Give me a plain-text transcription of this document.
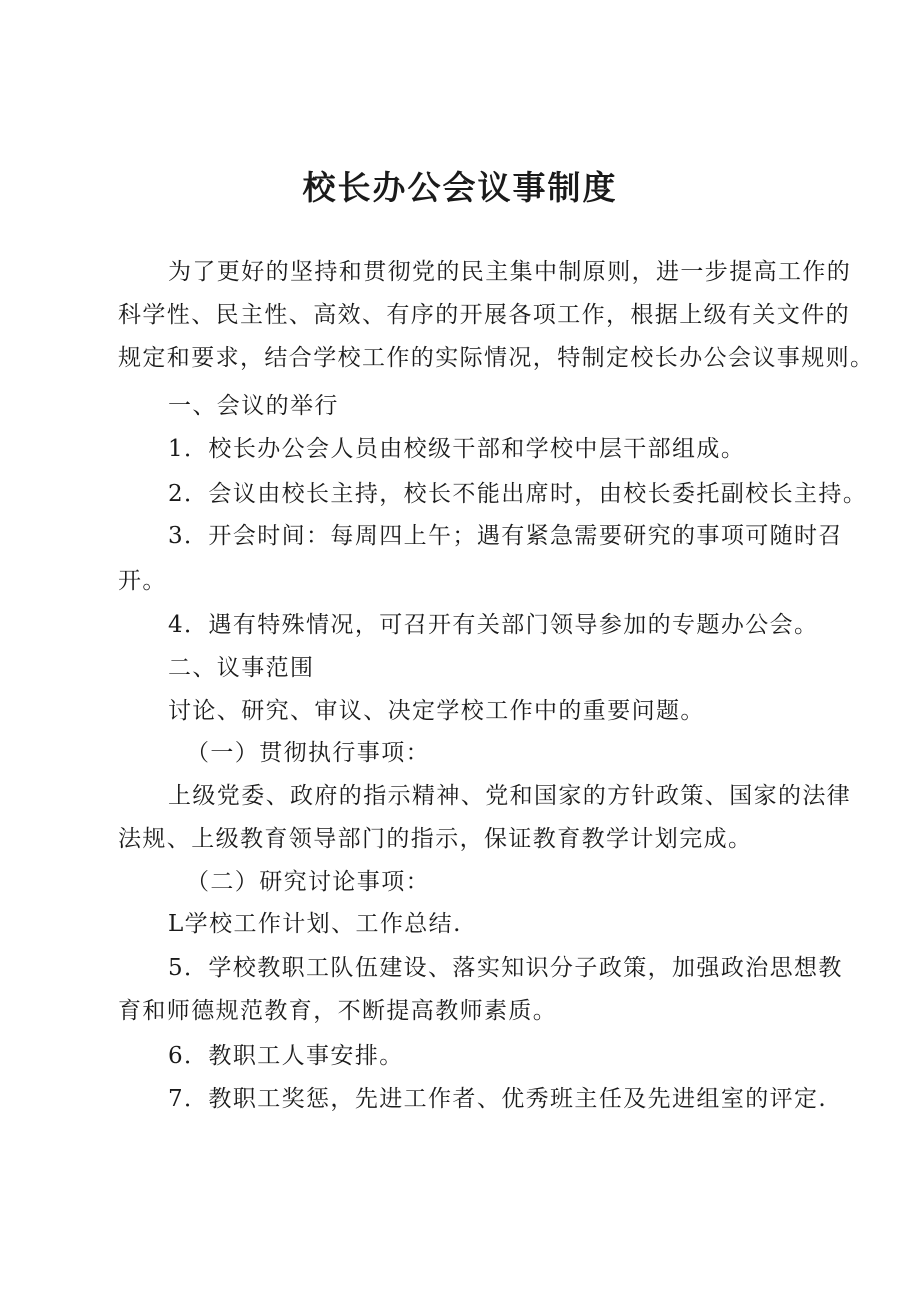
校长办公会议事制度
为了更好的坚持和贯彻党的民主集中制原则，进一步提高工作的
科学性、民主性、高效、有序的开展各项工作，根据上级有关文件的
规定和要求，结合学校工作的实际情况，特制定校长办公会议事规则。
一、会议的举行
1．校长办公会人员由校级干部和学校中层干部组成。
2．会议由校长主持，校长不能出席时，由校长委托副校长主持。
3．开会时间：每周四上午；遇有紧急需要研究的事项可随时召
开。
4．遇有特殊情况，可召开有关部门领导参加的专题办公会。
二、议事范围
讨论、研究、审议、决定学校工作中的重要问题。
（一）贯彻执行事项：
上级党委、政府的指示精神、党和国家的方针政策、国家的法律
法规、上级教育领导部门的指示，保证教育教学计划完成。
（二）研究讨论事项：
L学校工作计划、工作总结.
5．学校教职工队伍建设、落实知识分子政策，加强政治思想教
育和师德规范教育，不断提高教师素质。
6．教职工人事安排。
7．教职工奖惩，先进工作者、优秀班主任及先进组室的评定.
